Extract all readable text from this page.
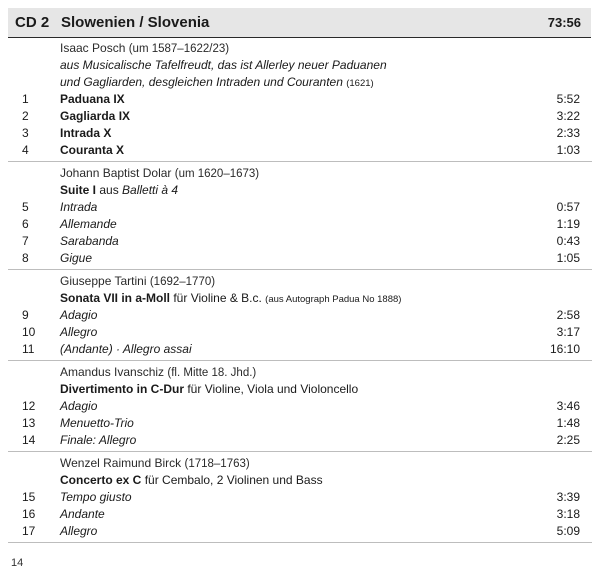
CD 2 Slowenien / Slovenia	73:56
Isaac Posch (um 1587–1622/23)
aus Musicalische Tafelfreudt, das ist Allerley neuer Paduanen
und Gagliarden, desgleichen Intraden und Couranten (1621)
1	Paduana IX	5:52
2	Gagliarda IX	3:22
3	Intrada X	2:33
4	Couranta X	1:03
Johann Baptist Dolar (um 1620–1673)
Suite I aus Balletti à 4
5	Intrada	0:57
6	Allemande	1:19
7	Sarabanda	0:43
8	Gigue	1:05
Giuseppe Tartini (1692–1770)
Sonata VII in a-Moll für Violine & B.c. (aus Autograph Padua No 1888)
9	Adagio	2:58
10	Allegro	3:17
11	(Andante) · Allegro assai	16:10
Amandus Ivanschiz (fl. Mitte 18. Jhd.)
Divertimento in C-Dur für Violine, Viola und Violoncello
12	Adagio	3:46
13	Menuetto-Trio	1:48
14	Finale: Allegro	2:25
Wenzel Raimund Birck (1718–1763)
Concerto ex C für Cembalo, 2 Violinen und Bass
15	Tempo giusto	3:39
16	Andante	3:18
17	Allegro	5:09
14
